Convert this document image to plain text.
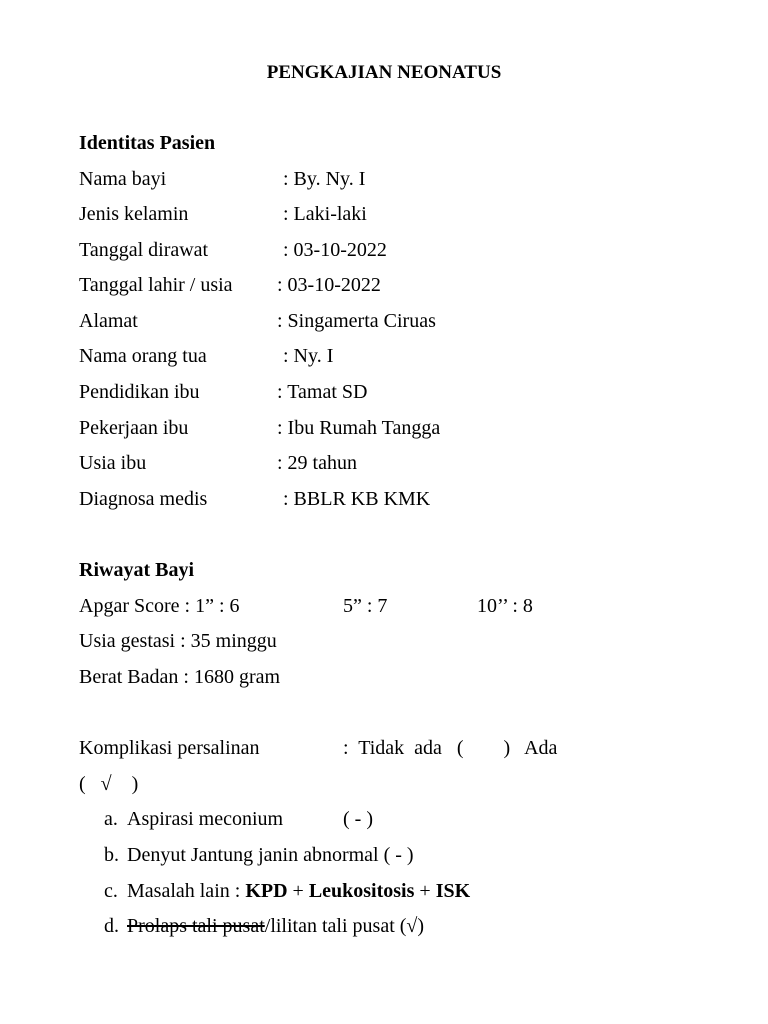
PENGKAJIAN NEONATUS
Identitas Pasien
Nama bayi	: By. Ny. I
Jenis kelamin	: Laki-laki
Tanggal dirawat	: 03-10-2022
Tanggal lahir / usia : 03-10-2022
Alamat	: Singamerta Ciruas
Nama orang tua	: Ny. I
Pendidikan ibu	: Tamat SD
Pekerjaan ibu	: Ibu Rumah Tangga
Usia ibu	: 29 tahun
Diagnosa medis	: BBLR KB KMK
Riwayat Bayi
Apgar Score : 1” : 6	5” : 7	10’’ : 8
Usia gestasi : 35 minggu
Berat Badan : 1680 gram
Komplikasi persalinan	:  Tidak  ada   (        )   Ada
(   √    )
a. Aspirasi meconium	( - )
b. Denyut Jantung janin abnormal ( - )
c. Masalah lain : KPD + Leukositosis + ISK
d. Prolaps tali pusat/lilitan tali pusat (√)
